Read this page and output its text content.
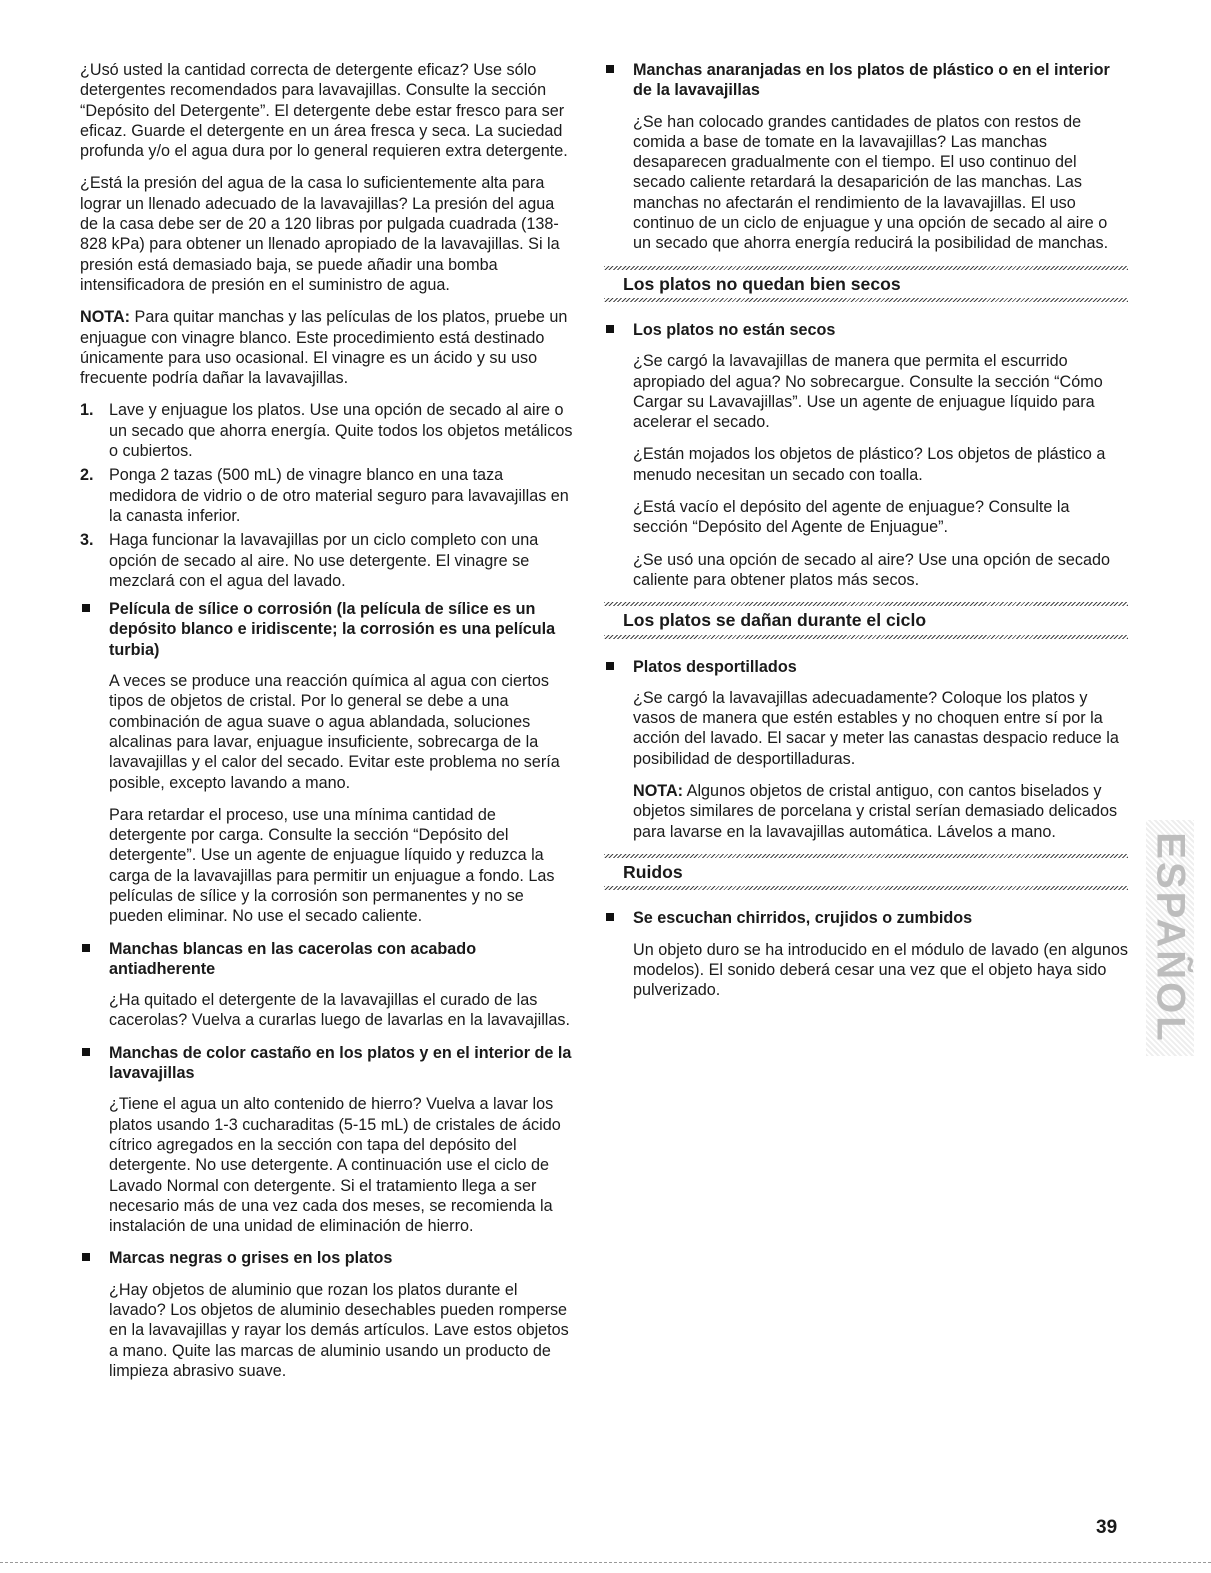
¿Usó usted la cantidad correcta de detergente eficaz? Use sólo detergentes recomendados para lavavajillas. Consulte la sección “Depósito del Detergente”. El detergente debe estar fresco para ser eficaz. Guarde el detergente en un área fresca y seca. La suciedad profunda y/o el agua dura por lo general requieren extra detergente.

¿Está la presión del agua de la casa lo suficientemente alta para lograr un llenado adecuado de la lavavajillas? La presión del agua de la casa debe ser de 20 a 120 libras por pulgada cuadrada (138-828 kPa) para obtener un llenado apropiado de la lavavajillas. Si la presión está demasiado baja, se puede añadir una bomba intensificadora de presión en el suministro de agua.

NOTA: Para quitar manchas y las películas de los platos, pruebe un enjuague con vinagre blanco. Este procedimiento está destinado únicamente para uso ocasional. El vinagre es un ácido y su uso frecuente podría dañar la lavavajillas.

1. Lave y enjuague los platos. Use una opción de secado al aire o un secado que ahorra energía. Quite todos los objetos metálicos o cubiertos.
2. Ponga 2 tazas (500 mL) de vinagre blanco en una taza medidora de vidrio o de otro material seguro para lavavajillas en la canasta inferior.
3. Haga funcionar la lavavajillas por un ciclo completo con una opción de secado al aire. No use detergente. El vinagre se mezclará con el agua del lavado.
Película de sílice o corrosión (la película de sílice es un depósito blanco e iridiscente; la corrosión es una película turbia)

A veces se produce una reacción química al agua con ciertos tipos de objetos de cristal. Por lo general se debe a una combinación de agua suave o agua ablandada, soluciones alcalinas para lavar, enjuague insuficiente, sobrecarga de la lavavajillas y el calor del secado. Evitar este problema no sería posible, excepto lavando a mano.

Para retardar el proceso, use una mínima cantidad de detergente por carga. Consulte la sección “Depósito del detergente”. Use un agente de enjuague líquido y reduzca la carga de la lavavajillas para permitir un enjuague a fondo. Las películas de sílice y la corrosión son permanentes y no se pueden eliminar. No use el secado caliente.

Manchas blancas en las cacerolas con acabado antiadherente

¿Ha quitado el detergente de la lavavajillas el curado de las cacerolas? Vuelva a curarlas luego de lavarlas en la lavavajillas.

Manchas de color castaño en los platos y en el interior de la lavavajillas

¿Tiene el agua un alto contenido de hierro? Vuelva a lavar los platos usando 1-3 cucharaditas (5-15 mL) de cristales de ácido cítrico agregados en la sección con tapa del depósito del detergente. No use detergente. A continuación use el ciclo de Lavado Normal con detergente. Si el tratamiento llega a ser necesario más de una vez cada dos meses, se recomienda la instalación de una unidad de eliminación de hierro.

Marcas negras o grises en los platos

¿Hay objetos de aluminio que rozan los platos durante el lavado? Los objetos de aluminio desechables pueden romperse en la lavavajillas y rayar los demás artículos. Lave estos objetos a mano. Quite las marcas de aluminio usando un producto de limpieza abrasivo suave.

Manchas anaranjadas en los platos de plástico o en el interior de la lavavajillas

¿Se han colocado grandes cantidades de platos con restos de comida a base de tomate en la lavavajillas? Las manchas desaparecen gradualmente con el tiempo. El uso continuo del secado caliente retardará la desaparición de las manchas. Las manchas no afectarán el rendimiento de la lavavajillas. El uso continuo de un ciclo de enjuague y una opción de secado al aire o un secado que ahorra energía reducirá la posibilidad de manchas.

Los platos no quedan bien secos
Los platos no están secos

¿Se cargó la lavavajillas de manera que permita el escurrido apropiado del agua? No sobrecargue. Consulte la sección “Cómo Cargar su Lavavajillas”. Use un agente de enjuague líquido para acelerar el secado.

¿Están mojados los objetos de plástico? Los objetos de plástico a menudo necesitan un secado con toalla.

¿Está vacío el depósito del agente de enjuague? Consulte la sección “Depósito del Agente de Enjuague”.

¿Se usó una opción de secado al aire? Use una opción de secado caliente para obtener platos más secos.

Los platos se dañan durante el ciclo
Platos desportillados

¿Se cargó la lavavajillas adecuadamente? Coloque los platos y vasos de manera que estén estables y no choquen entre sí por la acción del lavado. El sacar y meter las canastas despacio reduce la posibilidad de desportilladuras.

NOTA: Algunos objetos de cristal antiguo, con cantos biselados y objetos similares de porcelana y cristal serían demasiado delicados para lavarse en la lavavajillas automática. Lávelos a mano.

Ruidos
Se escuchan chirridos, crujidos o zumbidos

Un objeto duro se ha introducido en el módulo de lavado (en algunos modelos). El sonido deberá cesar una vez que el objeto haya sido pulverizado.	ESPAÑOL
39
